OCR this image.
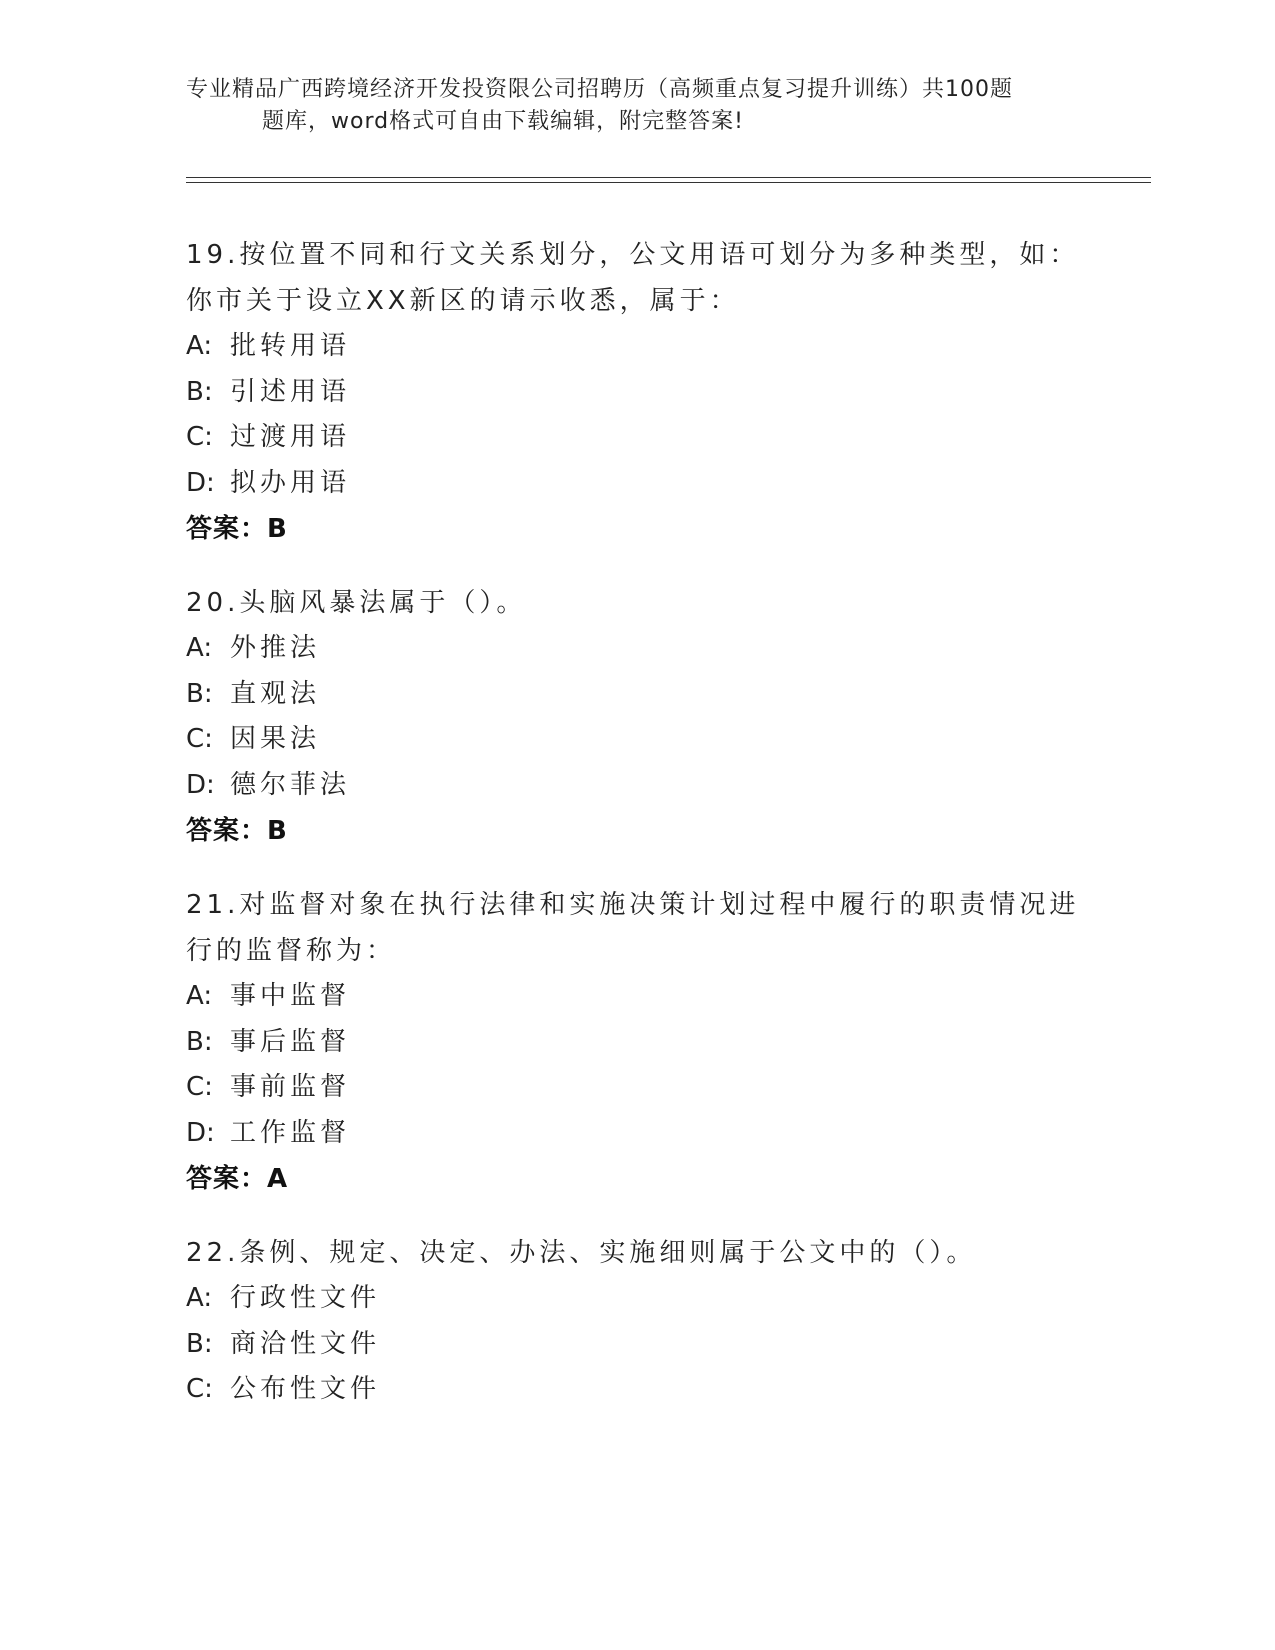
专业精品广西跨境经济开发投资限公司招聘历（高频重点复习提升训练）共100题
题库，word格式可自由下载编辑，附完整答案!

19.按位置不同和行文关系划分，公文用语可划分为多种类型，如：你市关于设立XX新区的请示收悉，属于：

A: 批转用语

B: 引述用语

C: 过渡用语

D: 拟办用语

答案：B

20.头脑风暴法属于（）。

A: 外推法

B: 直观法

C: 因果法

D: 德尔菲法

答案：B

21.对监督对象在执行法律和实施决策计划过程中履行的职责情况进行的监督称为：

A: 事中监督

B: 事后监督

C: 事前监督

D: 工作监督

答案：A

22.条例、规定、决定、办法、实施细则属于公文中的（）。

A: 行政性文件

B: 商洽性文件

C: 公布性文件
